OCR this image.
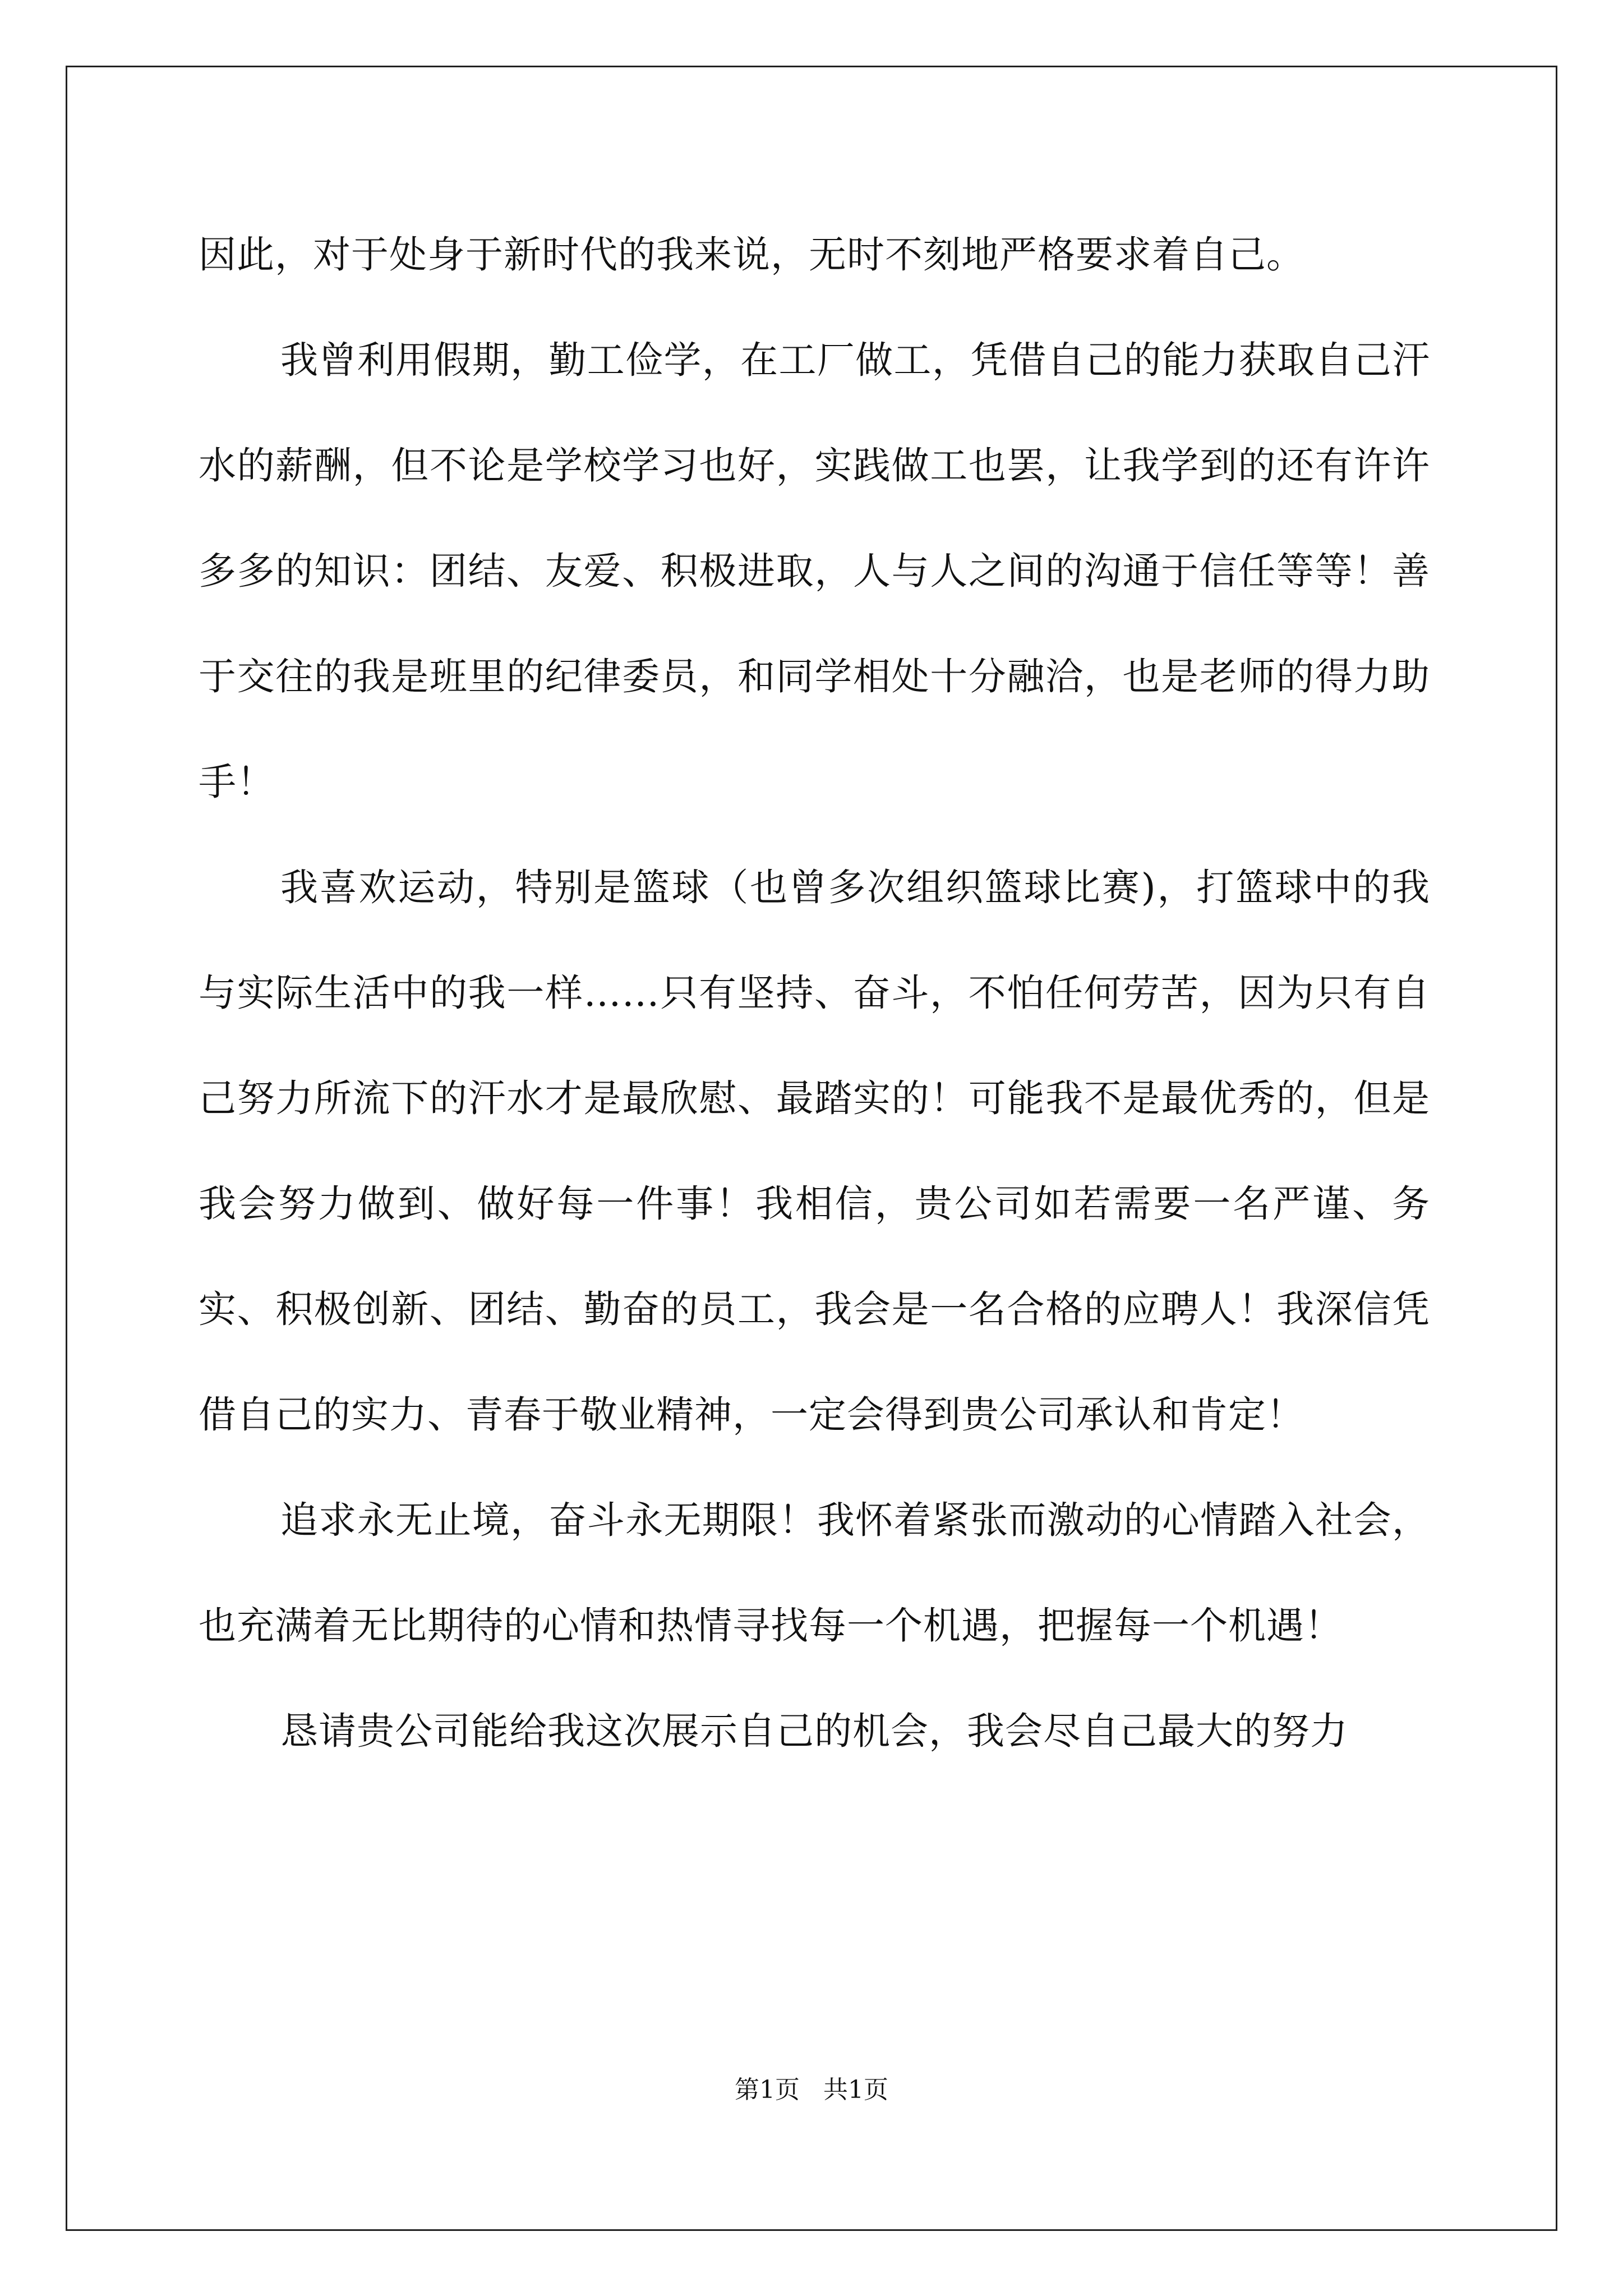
因此，对于处身于新时代的我来说，无时不刻地严格要求着自己。

我曾利用假期，勤工俭学，在工厂做工，凭借自己的能力获取自己汗水的薪酬，但不论是学校学习也好，实践做工也罢，让我学到的还有许许多多的知识：团结、友爱、积极进取，人与人之间的沟通于信任等等！善于交往的我是班里的纪律委员，和同学相处十分融洽，也是老师的得力助手！

我喜欢运动，特别是篮球（也曾多次组织篮球比赛)，打篮球中的我与实际生活中的我一样……只有坚持、奋斗，不怕任何劳苦，因为只有自己努力所流下的汗水才是最欣慰、最踏实的！可能我不是最优秀的，但是我会努力做到、做好每一件事！我相信，贵公司如若需要一名严谨、务实、积极创新、团结、勤奋的员工，我会是一名合格的应聘人！我深信凭借自己的实力、青春于敬业精神，一定会得到贵公司承认和肯定！

追求永无止境，奋斗永无期限！我怀着紧张而激动的心情踏入社会，也充满着无比期待的心情和热情寻找每一个机遇，把握每一个机遇！

恳请贵公司能给我这次展示自己的机会，我会尽自己最大的努力

第1页   共1页
